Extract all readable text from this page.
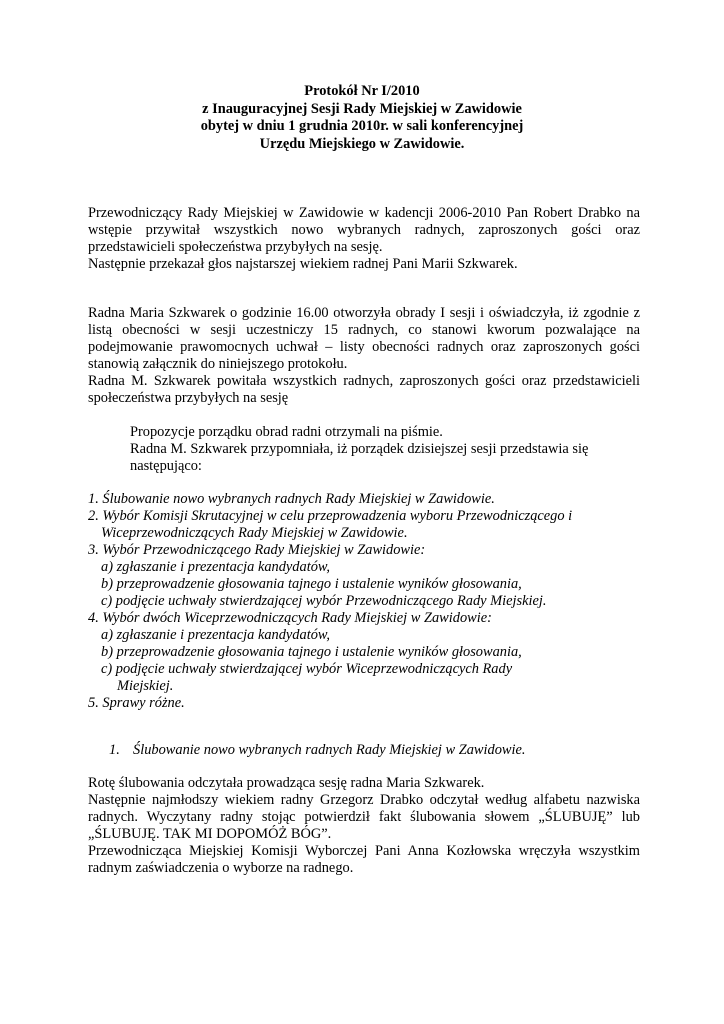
Protokół Nr I/2010
z Inauguracyjnej Sesji Rady Miejskiej w Zawidowie
obytej w dniu 1 grudnia 2010r. w sali konferencyjnej
Urzędu Miejskiego w Zawidowie.

Przewodniczący Rady Miejskiej w Zawidowie w kadencji 2006-2010 Pan Robert Drabko na wstępie przywitał wszystkich nowo wybranych radnych, zaproszonych gości oraz przedstawicieli społeczeństwa przybyłych na sesję.

Następnie przekazał głos najstarszej wiekiem radnej Pani Marii Szkwarek.

Radna Maria Szkwarek o godzinie 16.00 otworzyła obrady I sesji i oświadczyła, iż zgodnie z listą obecności w sesji uczestniczy 15 radnych, co stanowi kworum pozwalające na podejmowanie prawomocnych uchwał – listy obecności radnych oraz zaproszonych gości stanowią załącznik do niniejszego protokołu.

Radna M. Szkwarek powitała wszystkich radnych, zaproszonych gości oraz przedstawicieli społeczeństwa przybyłych na sesję

Propozycje porządku obrad radni otrzymali na piśmie.

Radna M. Szkwarek przypomniała, iż porządek dzisiejszej sesji przedstawia się następująco:

1. Ślubowanie nowo wybranych radnych Rady Miejskiej w Zawidowie.
2. Wybór Komisji Skrutacyjnej w celu przeprowadzenia wyboru Przewodniczącego i
Wiceprzewodniczących Rady Miejskiej w Zawidowie.
3. Wybór Przewodniczącego Rady Miejskiej w Zawidowie:
a) zgłaszanie i prezentacja kandydatów,
b) przeprowadzenie głosowania tajnego i ustalenie wyników głosowania,
c) podjęcie uchwały stwierdzającej wybór Przewodniczącego Rady Miejskiej.
4. Wybór dwóch Wiceprzewodniczących Rady Miejskiej w Zawidowie:
a) zgłaszanie i prezentacja kandydatów,
b) przeprowadzenie głosowania tajnego i ustalenie wyników głosowania,
c) podjęcie uchwały stwierdzającej wybór Wiceprzewodniczących Rady
Miejskiej.
5. Sprawy różne.
1. Ślubowanie nowo wybranych radnych Rady Miejskiej w Zawidowie.

Rotę ślubowania odczytała prowadząca sesję radna Maria Szkwarek.

Następnie najmłodszy wiekiem radny Grzegorz Drabko odczytał według alfabetu nazwiska radnych. Wyczytany radny stojąc potwierdził fakt ślubowania słowem „ŚLUBUJĘ” lub „ŚLUBUJĘ. TAK MI DOPOMÓŻ BÓG”.

Przewodnicząca Miejskiej Komisji Wyborczej Pani Anna Kozłowska wręczyła wszystkim radnym zaświadczenia o wyborze na radnego.
